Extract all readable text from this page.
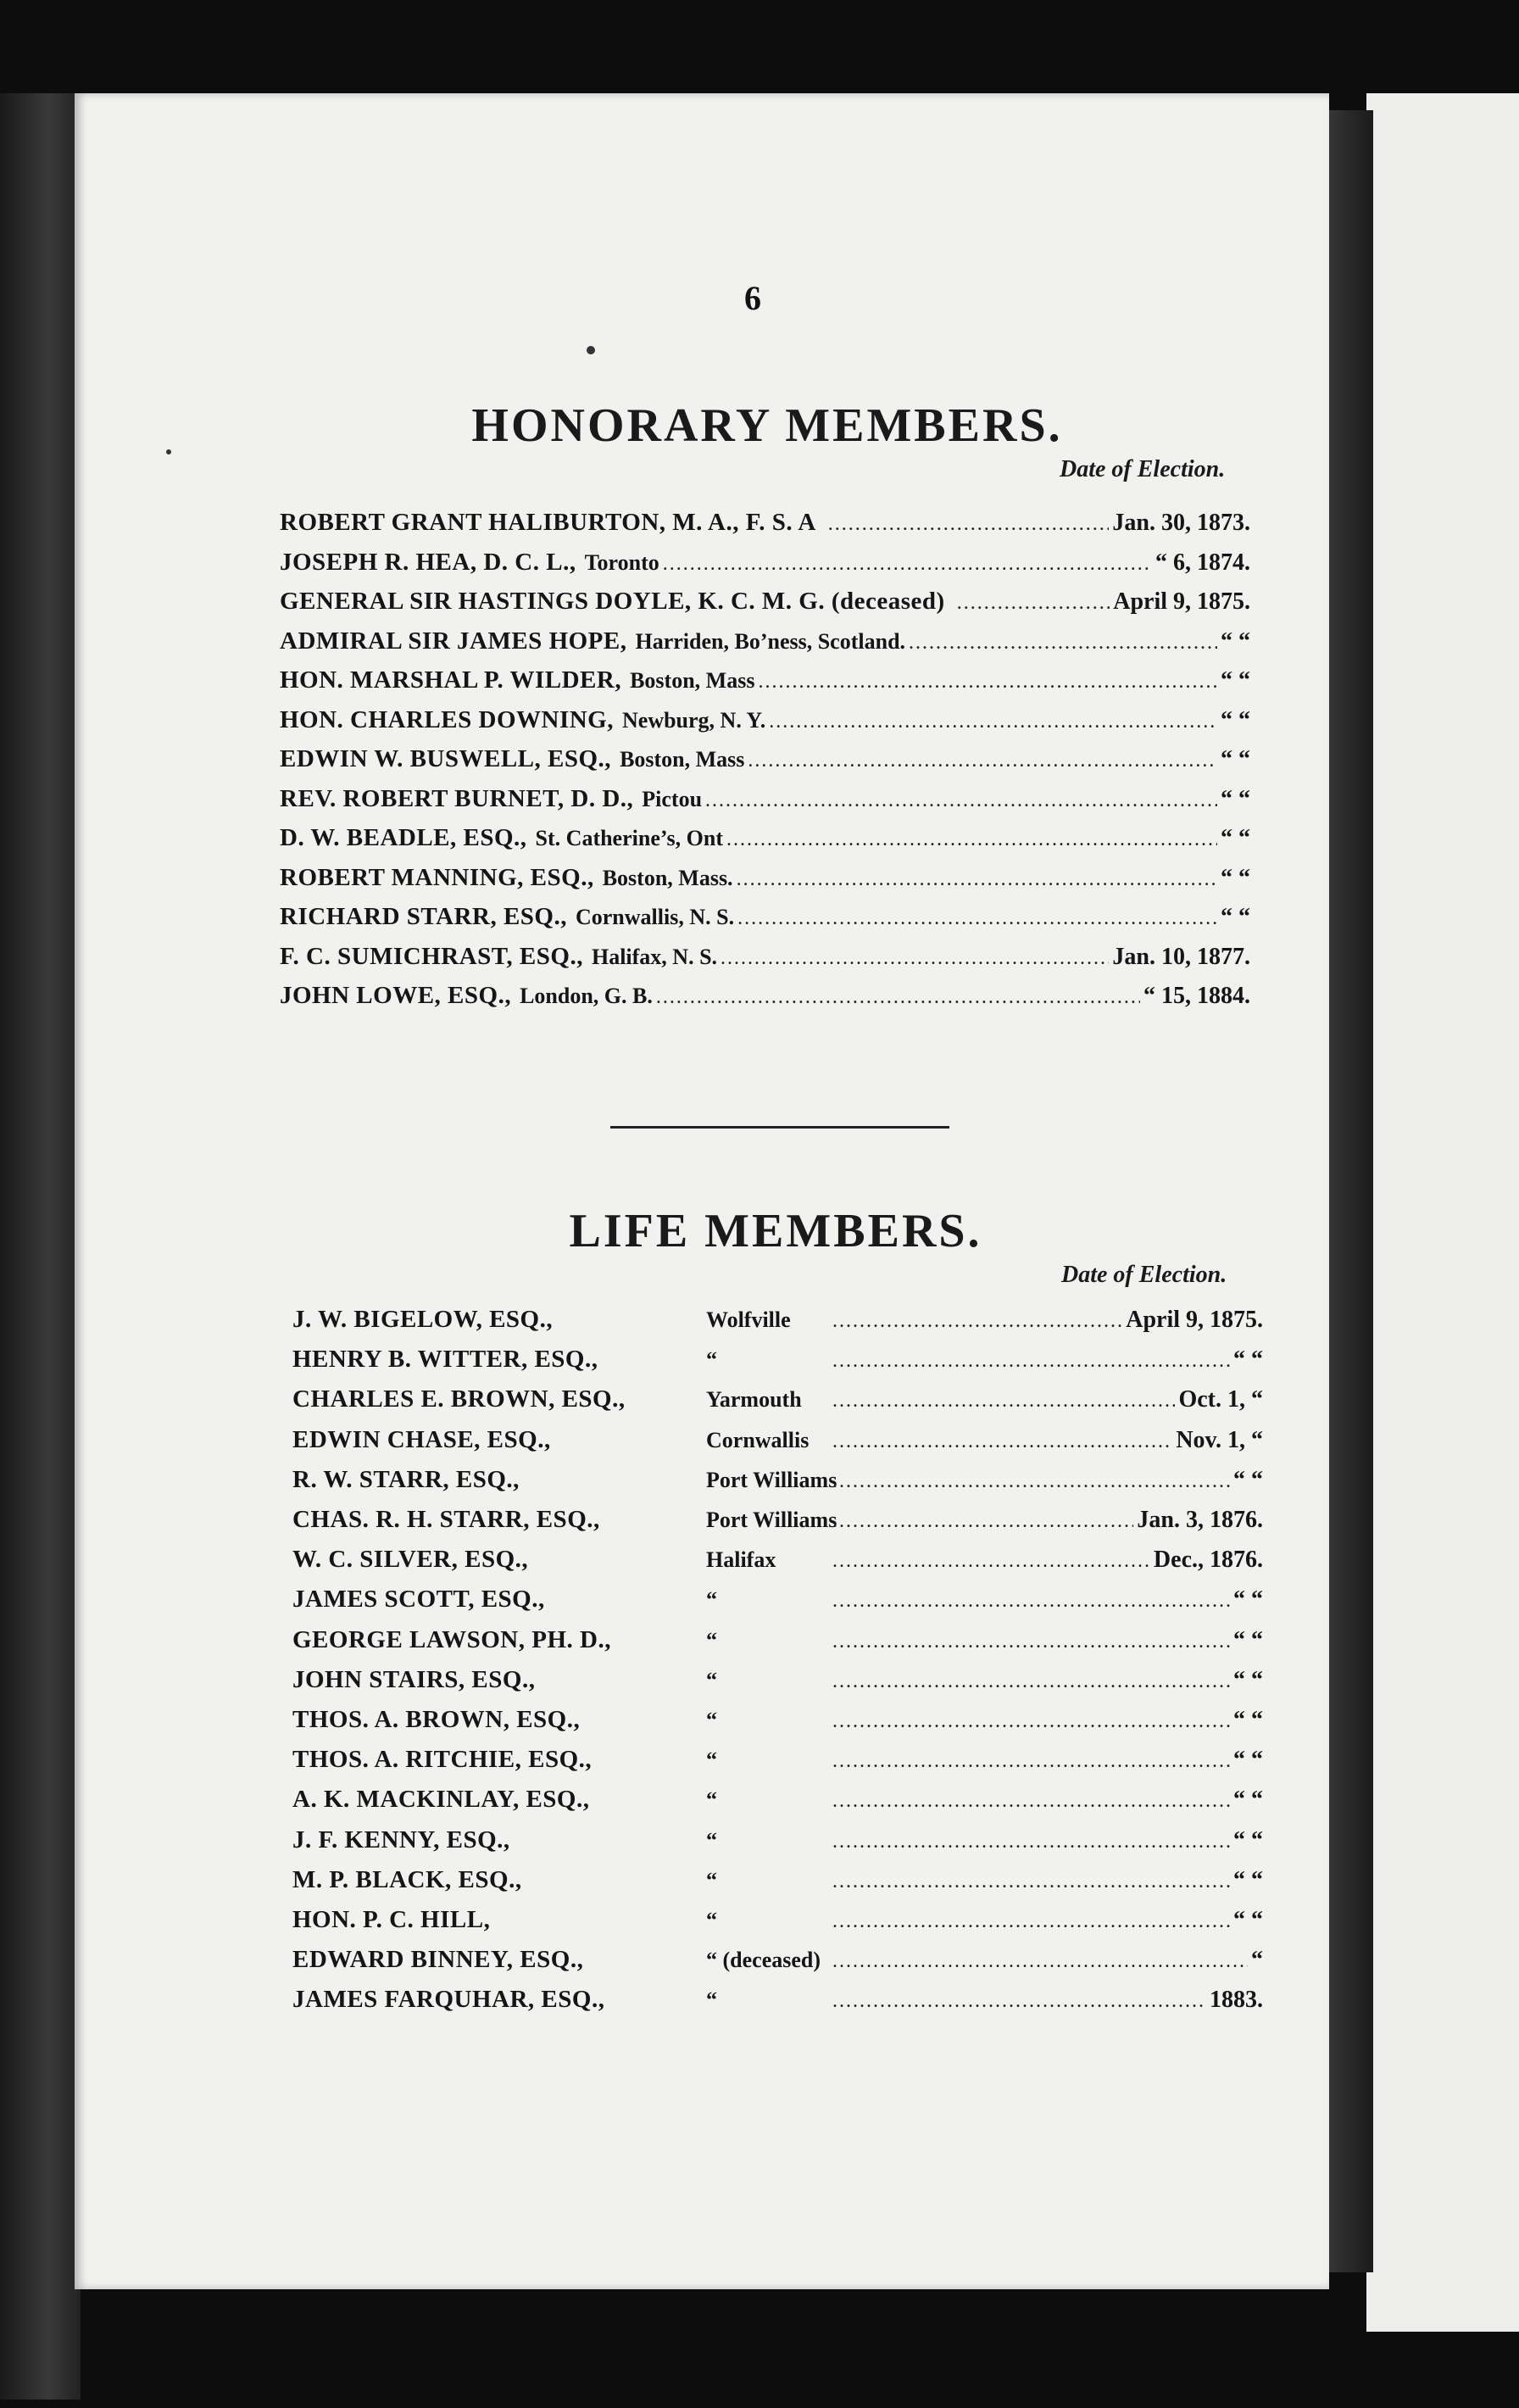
6
HONORARY MEMBERS.
Date of Election.
ROBERT GRANT HALIBURTON, M. A., F. S. A .....	Jan. 30, 1873.
JOSEPH R. HEA, D. C. L., Toronto .....	“ 6, 1874.
GENERAL SIR HASTINGS DOYLE, K. C. M. G. (deceased) .....	April 9, 1875.
ADMIRAL SIR JAMES HOPE, Harriden, Bo’ness, Scotland. .....	“ “
HON. MARSHAL P. WILDER, Boston, Mass .....	“ “
HON. CHARLES DOWNING, Newburg, N. Y. .....	“ “
EDWIN W. BUSWELL, ESQ., Boston, Mass .....	“ “
REV. ROBERT BURNET, D. D., Pictou .....	“ “
D. W. BEADLE, ESQ., St. Catherine’s, Ont .....	“ “
ROBERT MANNING, ESQ., Boston, Mass. .....	“ “
RICHARD STARR, ESQ., Cornwallis, N. S. .....	“ “
F. C. SUMICHRAST, ESQ., Halifax, N. S. .....	Jan. 10, 1877.
JOHN LOWE, ESQ., London, G. B. .....	“ 15, 1884.
LIFE MEMBERS.
Date of Election.
J. W. BIGELOW, ESQ.,	Wolfville .....	April 9, 1875.
HENRY B. WITTER, ESQ.,	“ .....	“ “
CHARLES E. BROWN, ESQ.,	Yarmouth .....	Oct. 1, “
EDWIN CHASE, ESQ.,	Cornwallis .....	Nov. 1, “
R. W. STARR, ESQ.,	Port Williams .....	“ “
CHAS. R. H. STARR, ESQ.,	Port Williams .....	Jan. 3, 1876.
W. C. SILVER, ESQ.,	Halifax .....	Dec., 1876.
JAMES SCOTT, ESQ.,	“ .....	“ “
GEORGE LAWSON, PH. D.,	“ .....	“ “
JOHN STAIRS, ESQ.,	“ .....	“ “
THOS. A. BROWN, ESQ.,	“ .....	“ “
THOS. A. RITCHIE, ESQ.,	“ .....	“ “
A. K. MACKINLAY, ESQ.,	“ .....	“ “
J. F. KENNY, ESQ.,	“ .....	“ “
M. P. BLACK, ESQ.,	“ .....	“ “
HON. P. C. HILL,	“ .....	“ “
EDWARD BINNEY, ESQ.,	“ (deceased) .....	“
JAMES FARQUHAR, ESQ.,	“ .....	1883.
